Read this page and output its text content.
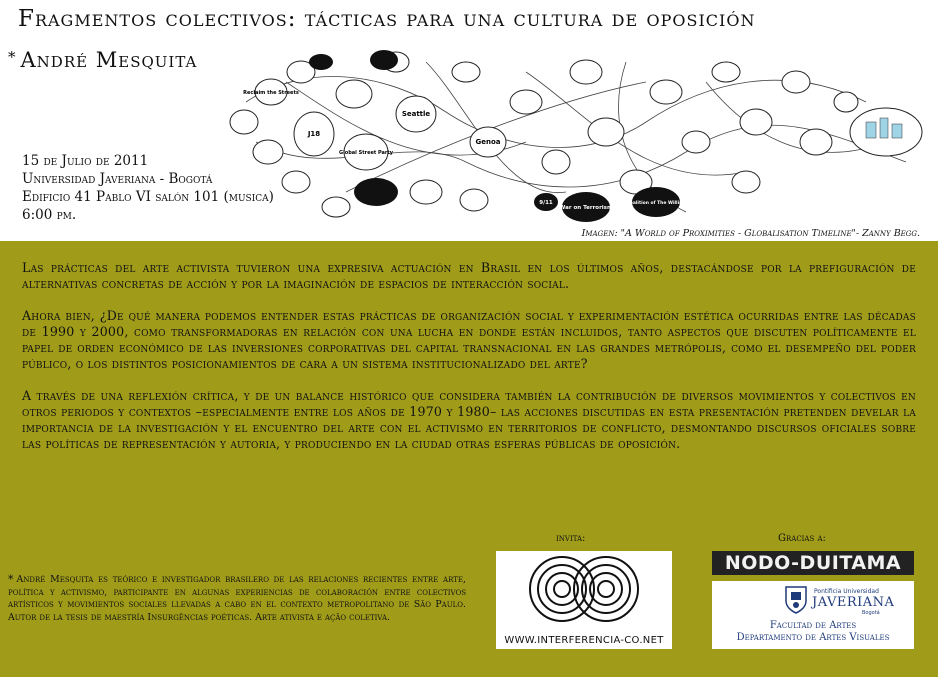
Fragmentos colectivos: tácticas para una cultura de oposición
* André Mesquita
15 de Julio de 2011
Universidad Javeriana - Bogotá
Edificio 41 Pablo VI salón 101 (musica)
6:00 pm.
J18
Seattle
Genoa
Global Street Party
Reclaim the Streets
War on Terrorism
Coalition of The Willing
9/11
Imagen: "A World of Proximities - Globalisation Timeline"- Zanny Begg.

Las prácticas del arte activista tuvieron una expresiva actuación en Brasil en los últimos años, destacándose por la prefiguración de alternativas concretas de acción y por la imaginación de espacios de interacción social.

Ahora bien, ¿De qué manera podemos entender estas prácticas de organización social y experimentación estética ocurridas entre las décadas de 1990 y 2000, como transformadoras en relación con una lucha en donde están incluidos, tanto aspectos que discuten políticamente el papel de orden económico de las inversiones corporativas del capital transnacional en las grandes metrópolis, como el desempeño del poder público, o los distintos posicionamientos de cara a un sistema institucionalizado del arte?

A través de una reflexión crítica, y de un balance histórico que considera también la contribución de diversos movimientos y colectivos en otros periodos y contextos –especialmente entre los años de 1970 y 1980– las acciones discutidas en esta presentación pretenden develar la importancia de la investigación y el encuentro del arte con el activismo en territorios de conflicto, desmontando discursos oficiales sobre las políticas de representación y autoria, y produciendo en la ciudad otras esferas públicas de oposición.

* André Mesquita es teórico e investigador brasilero de las relaciones recientes entre arte, política y activismo, participante en algunas experiencias de colaboración entre colectivos artísticos y movimientos sociales llevadas a cabo en el contexto metropolitano de São Paulo. Autor de la tesis de maestría Insurgências poéticas. Arte ativista e ação coletiva.
invita:
WWW.INTERFERENCIA-CO.NET
Gracias a:
NODO-DUITAMA
Pontificia Universidad
JAVERIANA
Bogotá
Facultad de Artes
Departamento de Artes Visuales
